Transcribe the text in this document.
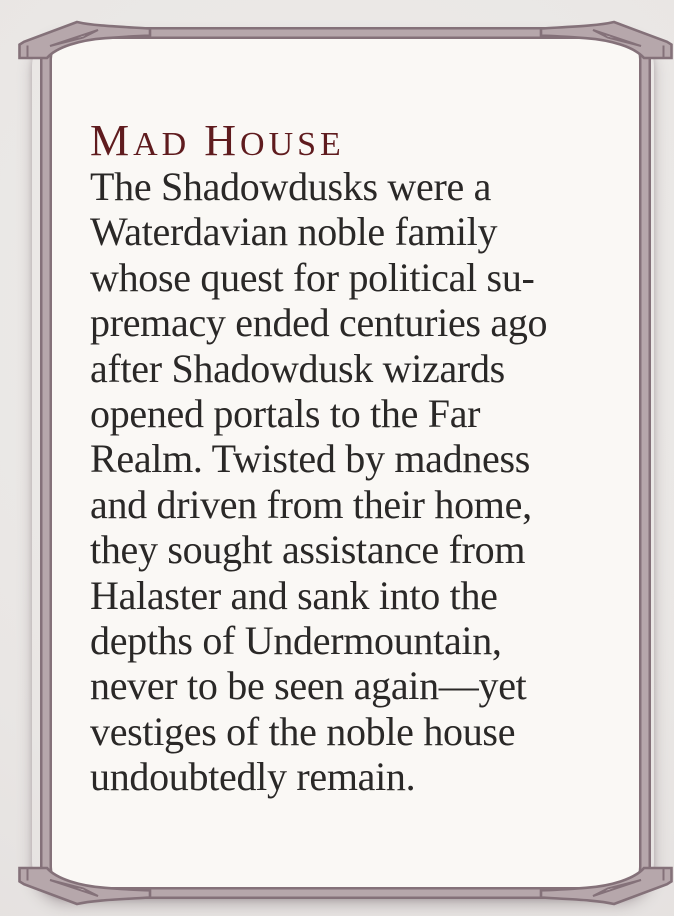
MAD HOUSE
The Shadowdusks were a
Waterdavian noble family
whose quest for political su-
premacy ended centuries ago
after Shadowdusk wizards
opened portals to the Far
Realm. Twisted by madness
and driven from their home,
they sought assistance from
Halaster and sank into the
depths of Undermountain,
never to be seen again—yet
vestiges of the noble house
undoubtedly remain.
